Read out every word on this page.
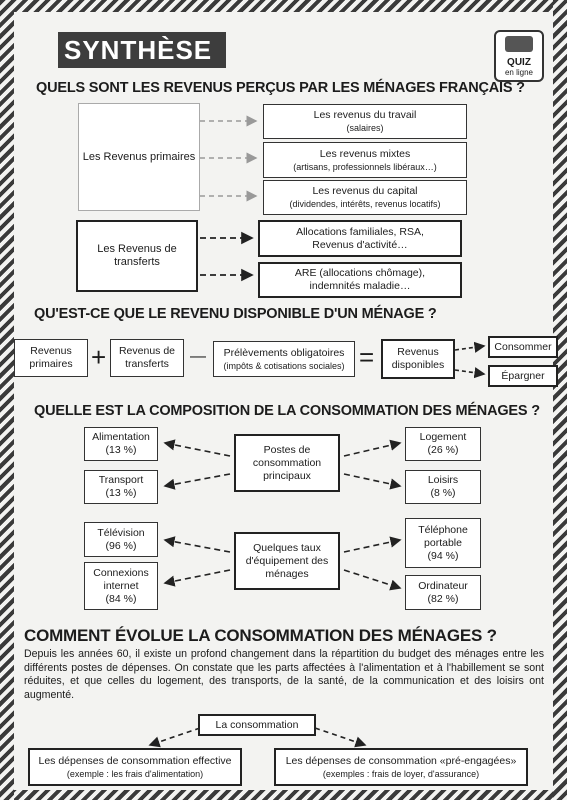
SYNTHÈSE	QUIZ
en ligne
QUELS SONT LES REVENUS PERÇUS PAR LES MÉNAGES FRANÇAIS ?
Les Revenus primaires
Les revenus du travail
(salaires)
Les revenus mixtes
(artisans, professionnels libéraux…)
Les revenus du capital
(dividendes, intérêts, revenus locatifs)
Les Revenus de transferts
Allocations familiales, RSA, Revenus d'activité…
ARE (allocations chômage), indemnités maladie…
QU'EST-CE QUE LE REVENU DISPONIBLE D'UN MÉNAGE ?
Revenus primaires +	Revenus de transferts	— Prélèvements obligatoires
(impôts & cotisations sociales) =	Revenus disponibles
Consommer
Épargner
QUELLE EST LA COMPOSITION DE LA CONSOMMATION DES MÉNAGES ?
Alimentation
(13 %)
Transport
(13 %)
Postes de consommation principaux
Logement
(26 %)
Loisirs
(8 %)
Télévision
(96 %)
Connexions internet
(84 %)
Quelques taux d'équipement des ménages
Téléphone portable
(94 %)
Ordinateur
(82 %)
COMMENT ÉVOLUE LA CONSOMMATION DES MÉNAGES ?
Depuis les années 60, il existe un profond changement dans la répartition du budget des ménages entre les différents postes de dépenses. On constate que les parts affectées à l'alimentation et à l'habillement se sont réduites, et que celles du logement, des transports, de la santé, de la communication et des loisirs ont augmenté.
La consommation
Les dépenses de consommation effective
(exemple : les frais d'alimentation)
Les dépenses de consommation «pré-engagées»
(exemples : frais de loyer, d'assurance)
